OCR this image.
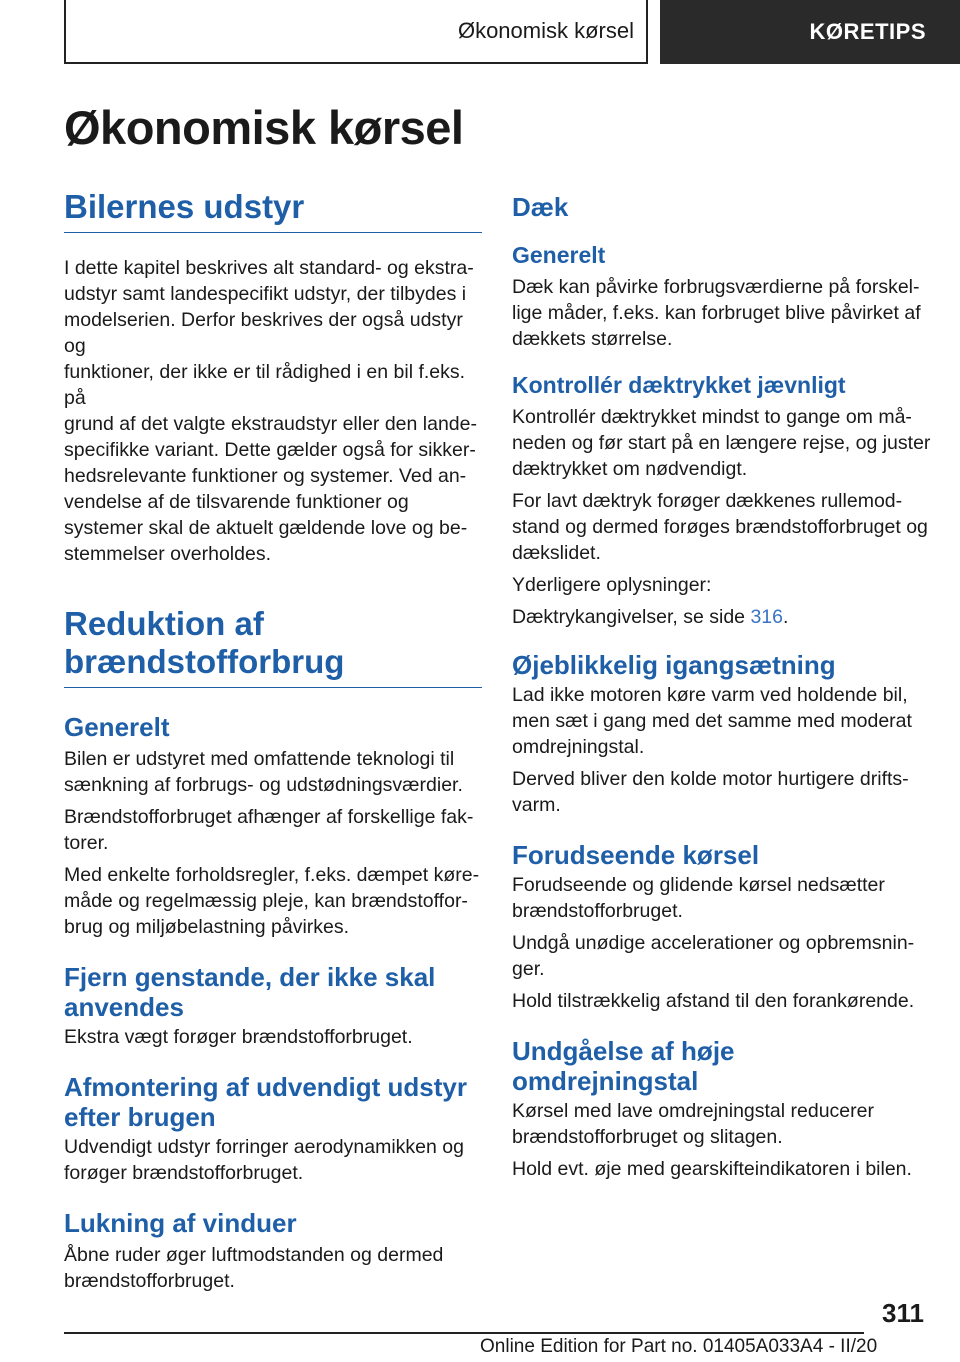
Økonomisk kørsel	KØRETIPS
Økonomisk kørsel
Bilernes udstyr

I dette kapitel beskrives alt standard- og ekstra-
udstyr samt landespecifikt udstyr, der tilbydes i
modelserien. Derfor beskrives der også udstyr og
funktioner, der ikke er til rådighed i en bil f.eks. på
grund af det valgte ekstraudstyr eller den lande-
specifikke variant. Dette gælder også for sikker-
hedsrelevante funktioner og systemer. Ved an-
vendelse af de tilsvarende funktioner og
systemer skal de aktuelt gældende love og be-
stemmelser overholdes.

Reduktion af
brændstofforbrug
Generelt

Bilen er udstyret med omfattende teknologi til
sænkning af forbrugs- og udstødningsværdier.

Brændstofforbruget afhænger af forskellige fak-
torer.

Med enkelte forholdsregler, f.eks. dæmpet køre-
måde og regelmæssig pleje, kan brændstoffor-
brug og miljøbelastning påvirkes.

Fjern genstande, der ikke skal
anvendes

Ekstra vægt forøger brændstofforbruget.

Afmontering af udvendigt udstyr
efter brugen

Udvendigt udstyr forringer aerodynamikken og
forøger brændstofforbruget.

Lukning af vinduer

Åbne ruder øger luftmodstanden og dermed
brændstofforbruget.

Dæk
Generelt

Dæk kan påvirke forbrugsværdierne på forskel-
lige måder, f.eks. kan forbruget blive påvirket af
dækkets størrelse.

Kontrollér dæktrykket jævnligt

Kontrollér dæktrykket mindst to gange om må-
neden og før start på en længere rejse, og juster
dæktrykket om nødvendigt.

For lavt dæktryk forøger dækkenes rullemod-
stand og dermed forøges brændstofforbruget og
dækslidet.

Yderligere oplysninger:

Dæktrykangivelser, se side 316.

Øjeblikkelig igangsætning

Lad ikke motoren køre varm ved holdende bil,
men sæt i gang med det samme med moderat
omdrejningstal.

Derved bliver den kolde motor hurtigere drifts-
varm.

Forudseende kørsel

Forudseende og glidende kørsel nedsætter
brændstofforbruget.

Undgå unødige accelerationer og opbremsnin-
ger.

Hold tilstrækkelig afstand til den forankørende.

Undgåelse af høje
omdrejningstal

Kørsel med lave omdrejningstal reducerer
brændstofforbruget og slitagen.

Hold evt. øje med gearskifteindikatoren i bilen.

311
Online Edition for Part no. 01405A033A4 - II/20
